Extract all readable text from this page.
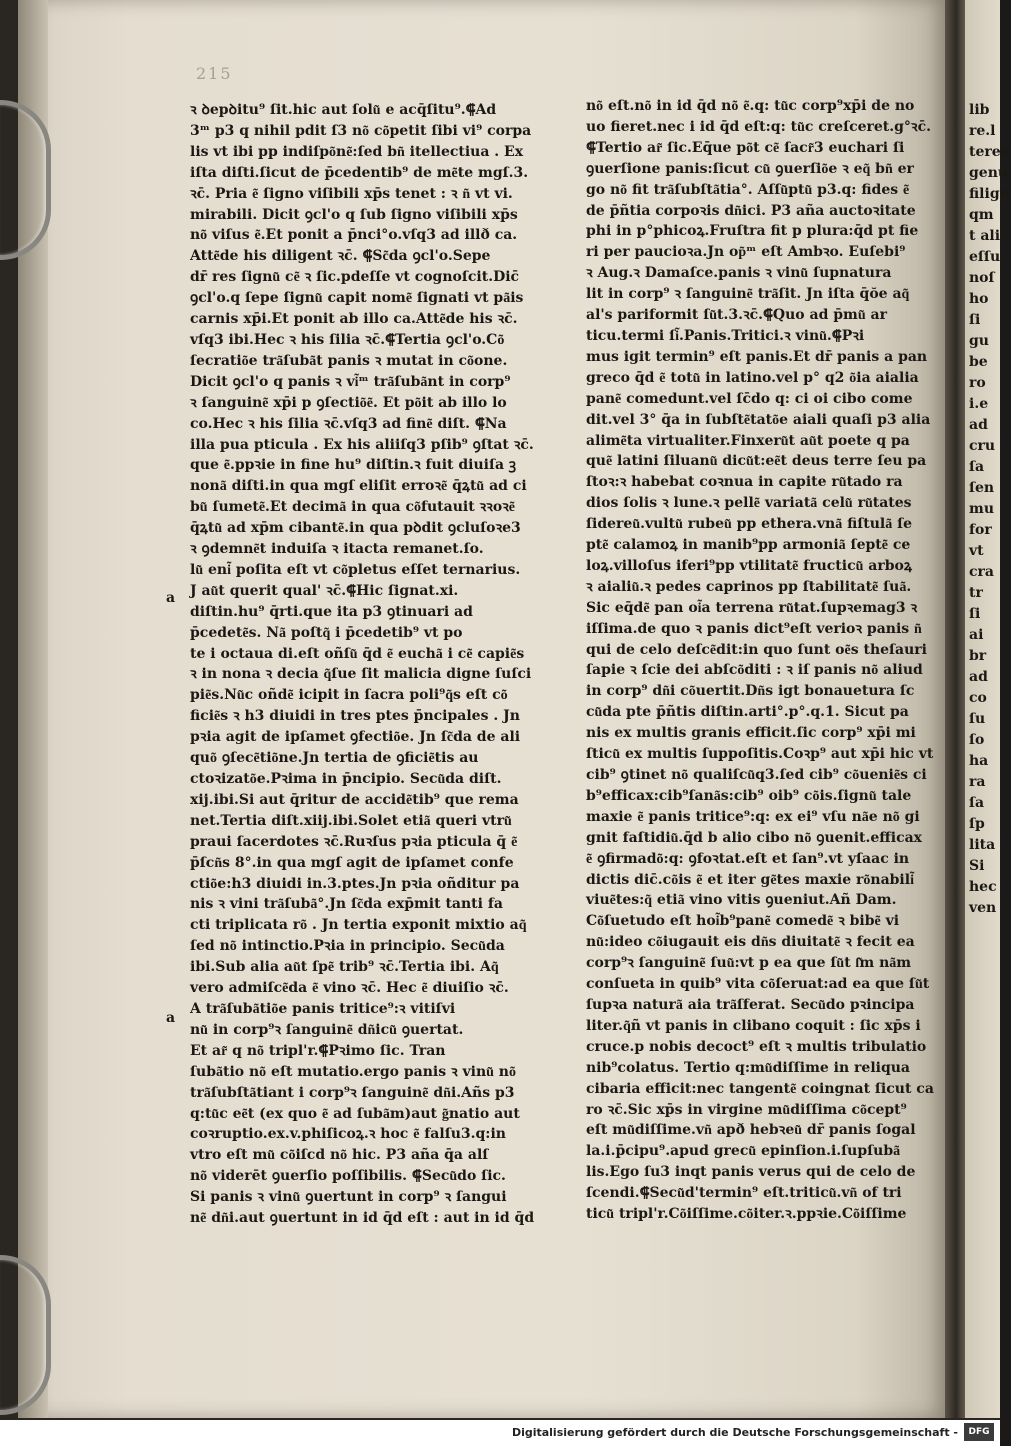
215
ꝛ ꝺepꝺitu⁹ ſit.hic aut ſolu͂ e acq̄ſitu⁹.⸿Ad
3ᵐ p3 q nihil pdit ſ3 no͂ co͂petit ſibi vi⁹ corpa
lis vt ibi pp indiſpo͂ne͂:ſed bn͂ itellectiua . Ex
iſta diſti.ſicut de p̄cedentib⁹ de me͂te mgſ.3.
ꝛc̄. Pria e͂ ſigno viſibili xp̄s tenet : ꝛ n͂ vt vi.
mirabili. Dicit ꝯcl'o q ſub ſigno viſibili xp̄s
no͂ viſus e͂.Et ponit a p̄nci°o.vſq3 ad illð ca.
Atte͂de his diligent ꝛc̄. ⸿Sc͂da ꝯcl'o.Sepe
dr̄ res ſignu͂ ce͂ ꝛ ſic.pdeſſe vt cognoſcit.Dic̄
ꝯcl'o.q ſepe ſignu͂ capit nome͂ ſignati vt pa͂is
carnis xp̄i.Et ponit ab illo ca.Atte͂de his ꝛc̄.
vſq3 ibi.Hec ꝛ his ſilia ꝛc̄.⸿Tertia ꝯcl'o.Co͂
ſecratio͂e tra͂ſuba͂t panis ꝛ mutat in co͂one.
Dicit ꝯcl'o q panis ꝛ vi͂ᵐ tra͂ſuba͂nt in corp⁹
ꝛ ſanguine͂ xp̄i p ꝯſectio͂e͂. Et po͂it ab illo lo
co.Hec ꝛ his ſilia ꝛc̄.vſq3 ad fine͂ diſt. ⸿Na
illa pua pticula . Ex his aliiſq3 pſib⁹ ꝯſtat ꝛc̄.
que e͂.ppꝛie in fine hu⁹ diſtin.ꝛ fuit diuiſa ꝫ
nona͂ diſti.in qua mgſ eliſit erroꝛe͂ q̄ꝝtu͂ ad ci
bu͂ ſumete͂.Et decima͂ in qua co͂futauit ꝛꝛoꝛe͂
q̄ꝝtu͂ ad xp̄m cibante͂.in qua pꝺdit ꝯcluſoꝛe3
ꝛ ꝯdemne͂t induiſa ꝛ itacta remanet.ſo.
lu͂ eni͂ poſita eſt vt co͂pletus eſſet ternarius.
J au͂t querit qual' ꝛc̄.⸿Hic ſignat.xi.
diſtin.hu⁹ q̄rti.que ita p3 ꝯtinuari ad
p̄cedete͂s. Na͂ poſtq͂ i p̄cedetib⁹ vt po
te i octaua di.eſt oñſu͂ q̄d e͂ eucha͂ i ce͂ capie͂s
ꝛ in nona ꝛ decia q͂ſue ſit malicia digne ſuſci
pie͂s.Nu͂c oñde͂ icipit in ſacra poli⁹q͂s eſt co͂
ficie͂s ꝛ h3 diuidi in tres ptes p̄ncipales . Jn
pꝛia agit de ipſamet ꝯfectio͂e. Jn ſc͂da de ali
quo͂ ꝯſece͂tio͂ne.Jn tertia de ꝯficie͂tis au
ctoꝛizato͂e.Pꝛima in p̄ncipio. Secu͂da diſt.
xij.ibi.Si aut q̄ritur de accide͂tib⁹ que rema
net.Tertia diſt.xiij.ibi.Solet etia͂ queri vtru͂
praui ſacerdotes ꝛc̄.Ruꝛſus pꝛia pticula q̄ e͂
p̄ſcn͂s 8°.in qua mgſ agit de ipſamet confe
ctio͂e:h3 diuidi in.3.ptes.Jn pꝛia oñditur pa
nis ꝛ vini tra͂ſuba͂°.Jn ſc͂da exp̄mit tanti fa
cti triplicata ro͂ . Jn tertia exponit mixtio aq͂
ſed no͂ intinctio.Pꝛia in principio. Secu͂da
ibi.Sub alia au͂t ſpe͂ trib⁹ ꝛc̄.Tertia ibi. Aq͂
vero admiſce͂da e͂ vino ꝛc̄. Hec e͂ diuiſio ꝛc̄.
A tra͂ſuba͂tio͂e panis tritice⁹:ꝛ vitiſvi
nu͂ in corp⁹ꝛ ſanguine͂ dn͂icu͂ ꝯuertat.
Et ar͂ q no͂ tripl'r.⸿Pꝛimo ſic. Tran
ſuba͂tio no͂ eſt mutatio.ergo panis ꝛ vinu͂ no͂
tra͂ſubſta͂tiant i corp⁹ꝛ ſanguine͂ dn͂i.Añs p3
q:tu͂c ee͂t (ex quo e͂ ad ſuba͂m)aut g͂natio aut
coꝛruptio.ex.v.phiſicoꝝ.ꝛ hoc e͂ falſu3.q:in
vtro eſt mu͂ co͂iſcd no͂ hic. P3 aña q̄a alſ
no͂ viderēt ꝯuerſio poſſibilis. ⸿Secu͂do ſic.
Si panis ꝛ vinu͂ ꝯuertunt in corp⁹ ꝛ ſangui
ne͂ dn͂i.aut ꝯuertunt in id q̄d eſt : aut in id q̄d
no͂ eſt.no͂ in id q̄d no͂ e͂.q: tu͂c corp⁹xp̄i de no
uo fieret.nec i id q̄d eſt:q: tu͂c creſceret.g°ꝛc̄.
⸿Tertio ar͂ ſic.Eq̄ue po͂t ce͂ ſacr͂3 euchari ſi
ꝯuerſione panis:ſicut cu͂ ꝯuerſio͂e ꝛ eq͂ bn͂ er
go no͂ fit tra͂ſubſta͂tia°. Aſſu͂ptu͂ p3.q: fides e͂
de p̄ñtia corpoꝛis dn͂ici. P3 aña auctoꝛitate
phi in p°phicoꝝ.Fruſtra fit p plura:q̄d pt fie
ri per paucioꝛa.Jn op͂ᵐ eſt Ambꝛo. Euſebi⁹
ꝛ Aug.ꝛ Damaſce.panis ꝛ vinu͂ ſupnatura
lit in corp⁹ ꝛ ſanguine͂ tra͂ſit. Jn iſta q̄ŏe aq͂
al's pariformit ſu͂t.3.ꝛc̄.⸿Quo ad p̄mu͂ ar
ticu.termi ſi͂.Panis.Tritici.ꝛ vinu͂.⸿Pꝛi
mus igit termin⁹ eſt panis.Et dr̄ panis a pan
greco q̄d e͂ totu͂ in latino.vel p° q2 o͂ia aialia
pane͂ comedunt.vel ſc̄do q: ci oi cibo come
dit.vel 3° q̄a in ſubſte͂tato͂e aiali quaſi p3 alia
alime͂ta virtualiter.Finxeru͂t au͂t poete q pa
que͂ latini ſiluanu͂ dicu͂t:ee͂t deus terre ſeu pa
ſtoꝛ:ꝛ habebat coꝛnua in capite ru͂tado ra
dios ſolis ꝛ lune.ꝛ pelle͂ variata͂ celu͂ ru͂tates
ſidereu͂.vultu͂ rubeu͂ pp ethera.vna͂ fiſtula͂ ſe
pte͂ calamoꝝ in manib⁹pp armonia͂ ſepte͂ ce
loꝝ.villoſus iferi⁹pp vtilitate͂ fructicu͂ arboꝝ
ꝛ aialiu͂.ꝛ pedes caprinos pp ſtabilitate͂ ſua͂.
Sic eq̄de͂ pan oi͂a terrena ru͂tat.ſupꝛemag3 ꝛ
iſſima.de quo ꝛ panis dict⁹eſt verioꝛ panis n͂
qui de celo deſce͂dit:in quo ſunt oe͂s theſauri
ſapie ꝛ ſcie dei abſco͂diti : ꝛ iſ panis no͂ aliud
in corp⁹ dn͂i co͂uertit.Dn͂s igt bonauetura ſc
cu͂da pte p̄ñtis diſtin.arti°.p°.q.1. Sicut pa
nis ex multis granis efficit.ſic corp⁹ xp̄i mi
ſticu͂ ex multis ſuppoſitis.Coꝛp⁹ aut xp̄i hic vt
cib⁹ ꝯtinet no͂ qualiſcu͂q3.ſed cib⁹ co͂uenie͂s ci
b⁹efficax:cib⁹ſana͂s:cib⁹ oib⁹ co͂is.ſignu͂ tale
maxie e͂ panis tritice⁹:q: ex ei⁹ vſu na͂e no͂ gi
gnit faſtidiu͂.q̄d b alio cibo no͂ ꝯuenit.efficax
e͂ ꝯfirmado͂:q: ꝯfoꝛtat.eſt et ſan⁹.vt yſaac in
dictis dic̄.co͂is e͂ et iter ge͂tes maxie ro͂nabili͂
viue͂tes:q͂ etia͂ vino vitis ꝯueniut.Añ Dam.
Co͂ſuetudo eſt hoi͂b⁹pane͂ comede͂ ꝛ bibe͂ vi
nu͂:ideo co͂iugauit eis dn͂s diuitate͂ ꝛ fecit ea
corp⁹ꝛ ſanguine͂ ſuu͂:vt p ea que ſu͂t ſ͂m na͂m
conſueta in quib⁹ vita co͂ſeruat:ad ea que ſu͂t
ſupꝛa natura͂ aia tra͂ſferat. Secu͂do pꝛincipa
liter.q͂ñ vt panis in clibano coquit : ſic xp̄s i
cruce.p nobis decoct⁹ eſt ꝛ multis tribulatio
nib⁹colatus. Tertio q:mu͂diſſime in reliqua
cibaria efficit:nec tangente͂ coingnat ſicut ca
ro ꝛc̄.Sic xp̄s in virgine mu͂diſſima co͂cept⁹
eſt mu͂diſſime.vn͂ apð hebꝛeu͂ dr̄ panis ſogal
la.i.p̄cipu⁹.apud grecu͂ epinſion.i.ſupſuba͂
lis.Ego ſu3 inqt panis verus qui de celo de
ſcendi.⸿Secu͂d'termin⁹ eſt.triticu͂.vn͂ of tri
ticu͂ tripl'r.Co͂iſſime.co͂iter.ꝛ.ppꝛie.Co͂iſſime
a
a
lib
re.l
teren
genu
filign
qm
t ali
eſſu
noſ
ho
ſi
gu
be
ro
i.e
ad
cru
ſa
ſen
mu
for
vt
cra
tr
ſi
ai
br
ad
co
ſu
ſo
ha
ra
ſa
ſp
lita
Si
hec
ven
Digitalisierung gefördert durch die Deutsche Forschungsgemeinschaft -	DFG
